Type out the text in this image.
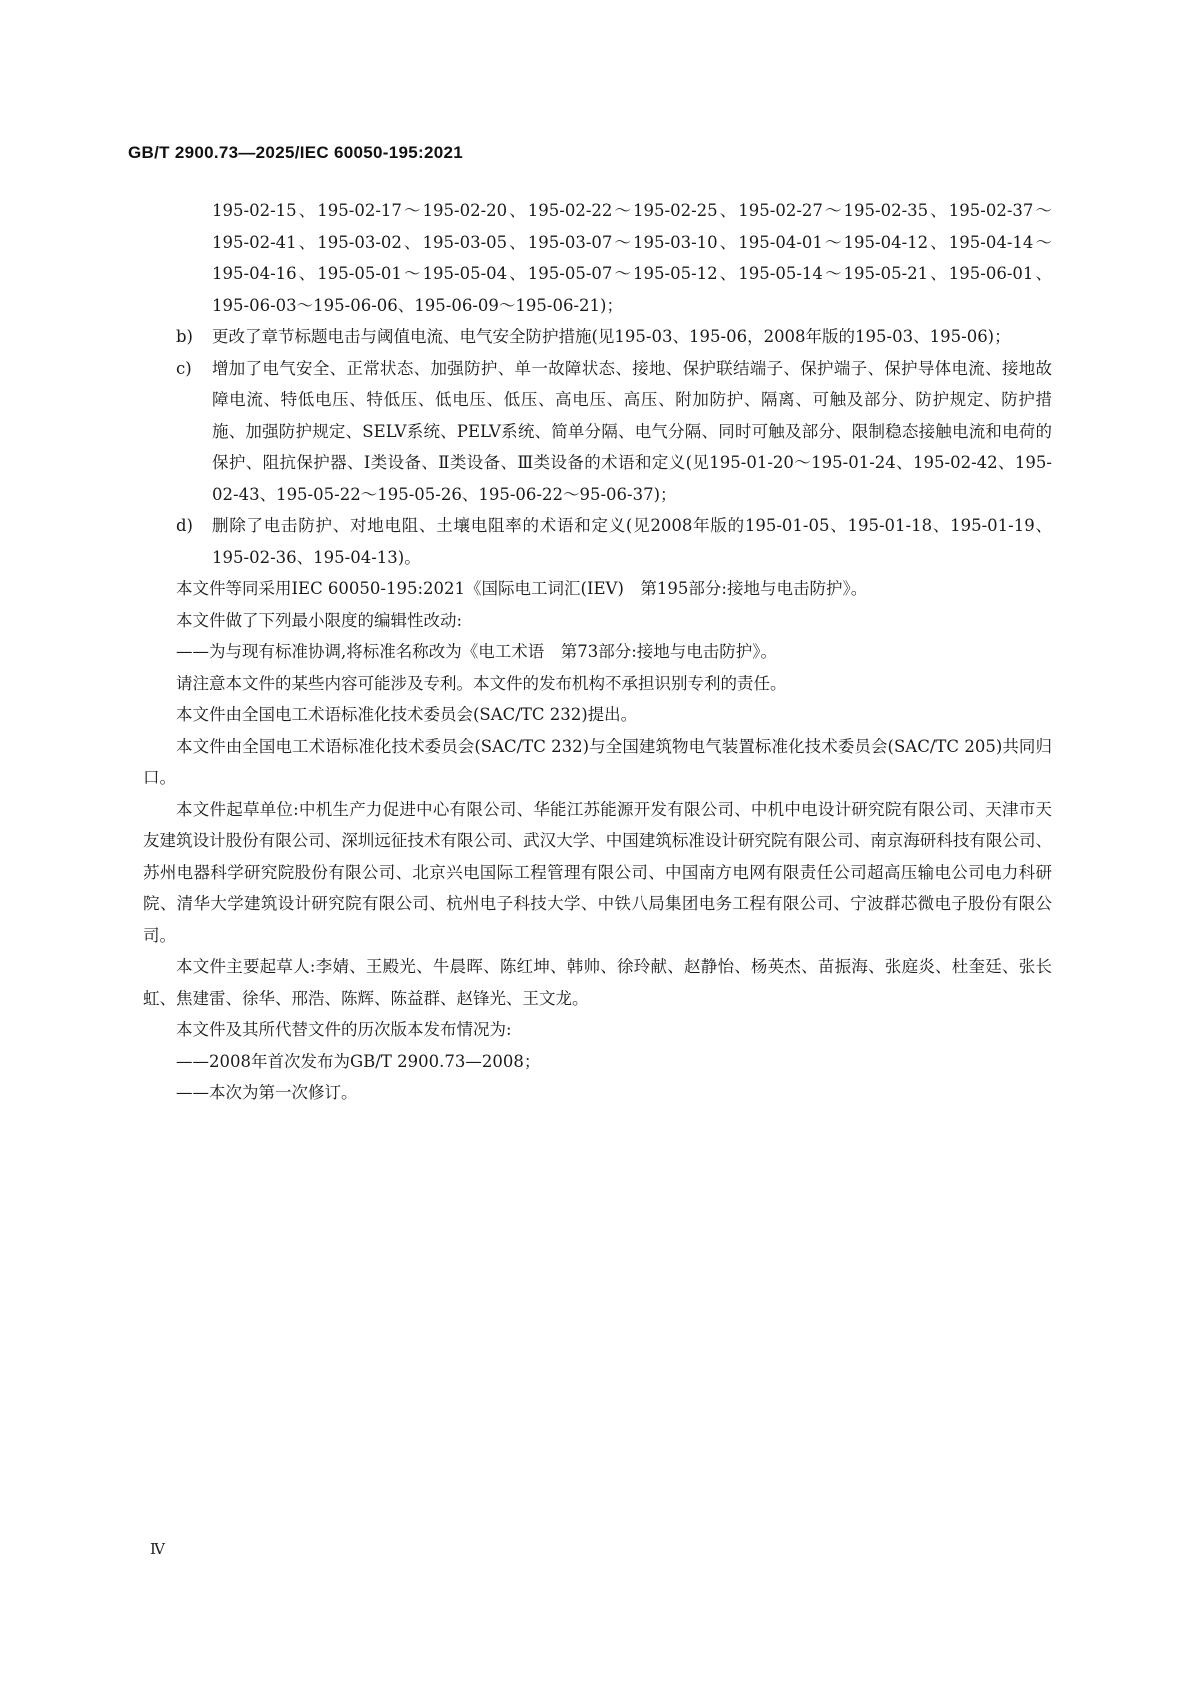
GB/T 2900.73—2025/IEC 60050-195:2021
195-02-15、195-02-17～195-02-20、195-02-22～195-02-25、195-02-27～195-02-35、195-02-37～195-02-41、195-03-02、195-03-05、195-03-07～195-03-10、195-04-01～195-04-12、195-04-14～195-04-16、195-05-01～195-05-04、195-05-07～195-05-12、195-05-14～195-05-21、195-06-01、195-06-03～195-06-06、195-06-09～195-06-21)；
b) 更改了章节标题电击与阈值电流、电气安全防护措施(见195-03、195-06，2008年版的195-03、195-06)；
c) 增加了电气安全、正常状态、加强防护、单一故障状态、接地、保护联结端子、保护端子、保护导体电流、接地故障电流、特低电压、特低压、低电压、低压、高电压、高压、附加防护、隔离、可触及部分、防护规定、防护措施、加强防护规定、SELV系统、PELV系统、简单分隔、电气分隔、同时可触及部分、限制稳态接触电流和电荷的保护、阻抗保护器、Ⅰ类设备、Ⅱ类设备、Ⅲ类设备的术语和定义(见195-01-20～195-01-24、195-02-42、195-02-43、195-05-22～195-05-26、195-06-22～95-06-37)；
d) 删除了电击防护、对地电阻、土壤电阻率的术语和定义(见2008年版的195-01-05、195-01-18、195-01-19、195-02-36、195-04-13)。
本文件等同采用IEC 60050-195:2021《国际电工词汇(IEV)　第195部分:接地与电击防护》。
本文件做了下列最小限度的编辑性改动:
——为与现有标准协调,将标准名称改为《电工术语　第73部分:接地与电击防护》。
请注意本文件的某些内容可能涉及专利。本文件的发布机构不承担识别专利的责任。
本文件由全国电工术语标准化技术委员会(SAC/TC 232)提出。
本文件由全国电工术语标准化技术委员会(SAC/TC 232)与全国建筑物电气装置标准化技术委员会(SAC/TC 205)共同归口。
本文件起草单位:中机生产力促进中心有限公司、华能江苏能源开发有限公司、中机中电设计研究院有限公司、天津市天友建筑设计股份有限公司、深圳远征技术有限公司、武汉大学、中国建筑标准设计研究院有限公司、南京海研科技有限公司、苏州电器科学研究院股份有限公司、北京兴电国际工程管理有限公司、中国南方电网有限责任公司超高压输电公司电力科研院、清华大学建筑设计研究院有限公司、杭州电子科技大学、中铁八局集团电务工程有限公司、宁波群芯微电子股份有限公司。
本文件主要起草人:李婧、王殿光、牛晨晖、陈红坤、韩帅、徐玲献、赵静怡、杨英杰、苗振海、张庭炎、杜奎廷、张长虹、焦建雷、徐华、邢浩、陈辉、陈益群、赵锋光、王文龙。
本文件及其所代替文件的历次版本发布情况为:
——2008年首次发布为GB/T 2900.73—2008；
——本次为第一次修订。
Ⅳ
